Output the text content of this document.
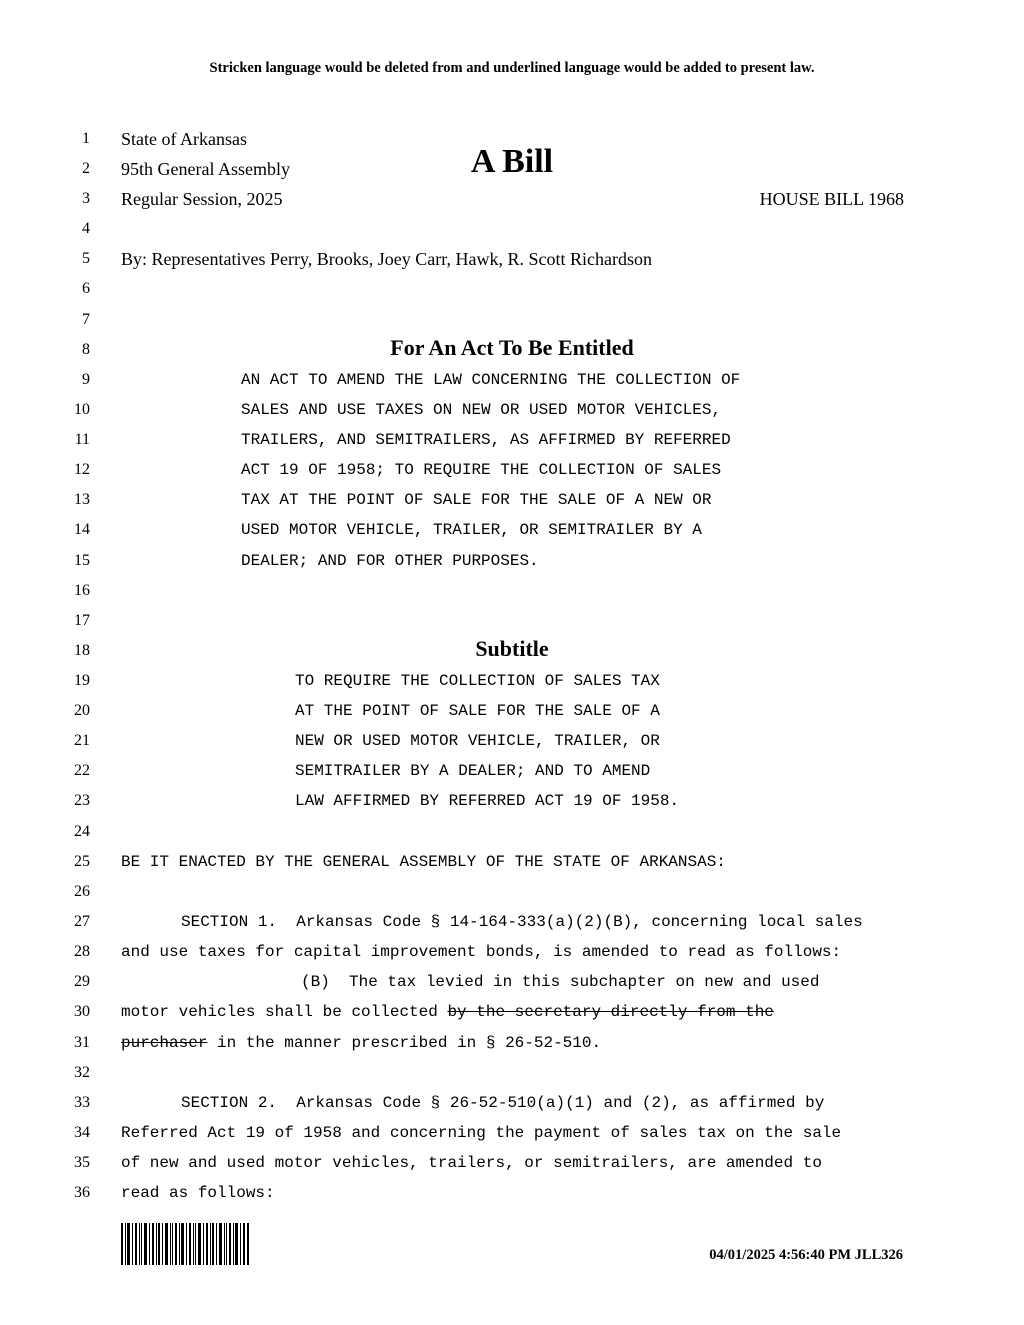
Stricken language would be deleted from and underlined language would be added to present law.
1
2
3
4
5
6
7
8
9
10
11
12
13
14
15
16
17
18
19
20
21
22
23
24
25
26
27
28
29
30
31
32
33
34
35
36
State of Arkansas
95th General Assembly
Regular Session, 2025
A Bill
HOUSE BILL 1968
By: Representatives Perry, Brooks, Joey Carr, Hawk, R. Scott Richardson
For An Act To Be Entitled
AN ACT TO AMEND THE LAW CONCERNING THE COLLECTION OF
SALES AND USE TAXES ON NEW OR USED MOTOR VEHICLES,
TRAILERS, AND SEMITRAILERS, AS AFFIRMED BY REFERRED
ACT 19 OF 1958; TO REQUIRE THE COLLECTION OF SALES
TAX AT THE POINT OF SALE FOR THE SALE OF A NEW OR
USED MOTOR VEHICLE, TRAILER, OR SEMITRAILER BY A
DEALER; AND FOR OTHER PURPOSES.
Subtitle
TO REQUIRE THE COLLECTION OF SALES TAX
AT THE POINT OF SALE FOR THE SALE OF A
NEW OR USED MOTOR VEHICLE, TRAILER, OR
SEMITRAILER BY A DEALER; AND TO AMEND
LAW AFFIRMED BY REFERRED ACT 19 OF 1958.
BE IT ENACTED BY THE GENERAL ASSEMBLY OF THE STATE OF ARKANSAS:
SECTION 1.  Arkansas Code § 14-164-333(a)(2)(B), concerning local sales
and use taxes for capital improvement bonds, is amended to read as follows:
(B)  The tax levied in this subchapter on new and used
motor vehicles shall be collected by the secretary directly from the
purchaser in the manner prescribed in § 26-52-510.
SECTION 2.  Arkansas Code § 26-52-510(a)(1) and (2), as affirmed by
Referred Act 19 of 1958 and concerning the payment of sales tax on the sale
of new and used motor vehicles, trailers, or semitrailers, are amended to
read as follows:
04/01/2025 4:56:40 PM JLL326
